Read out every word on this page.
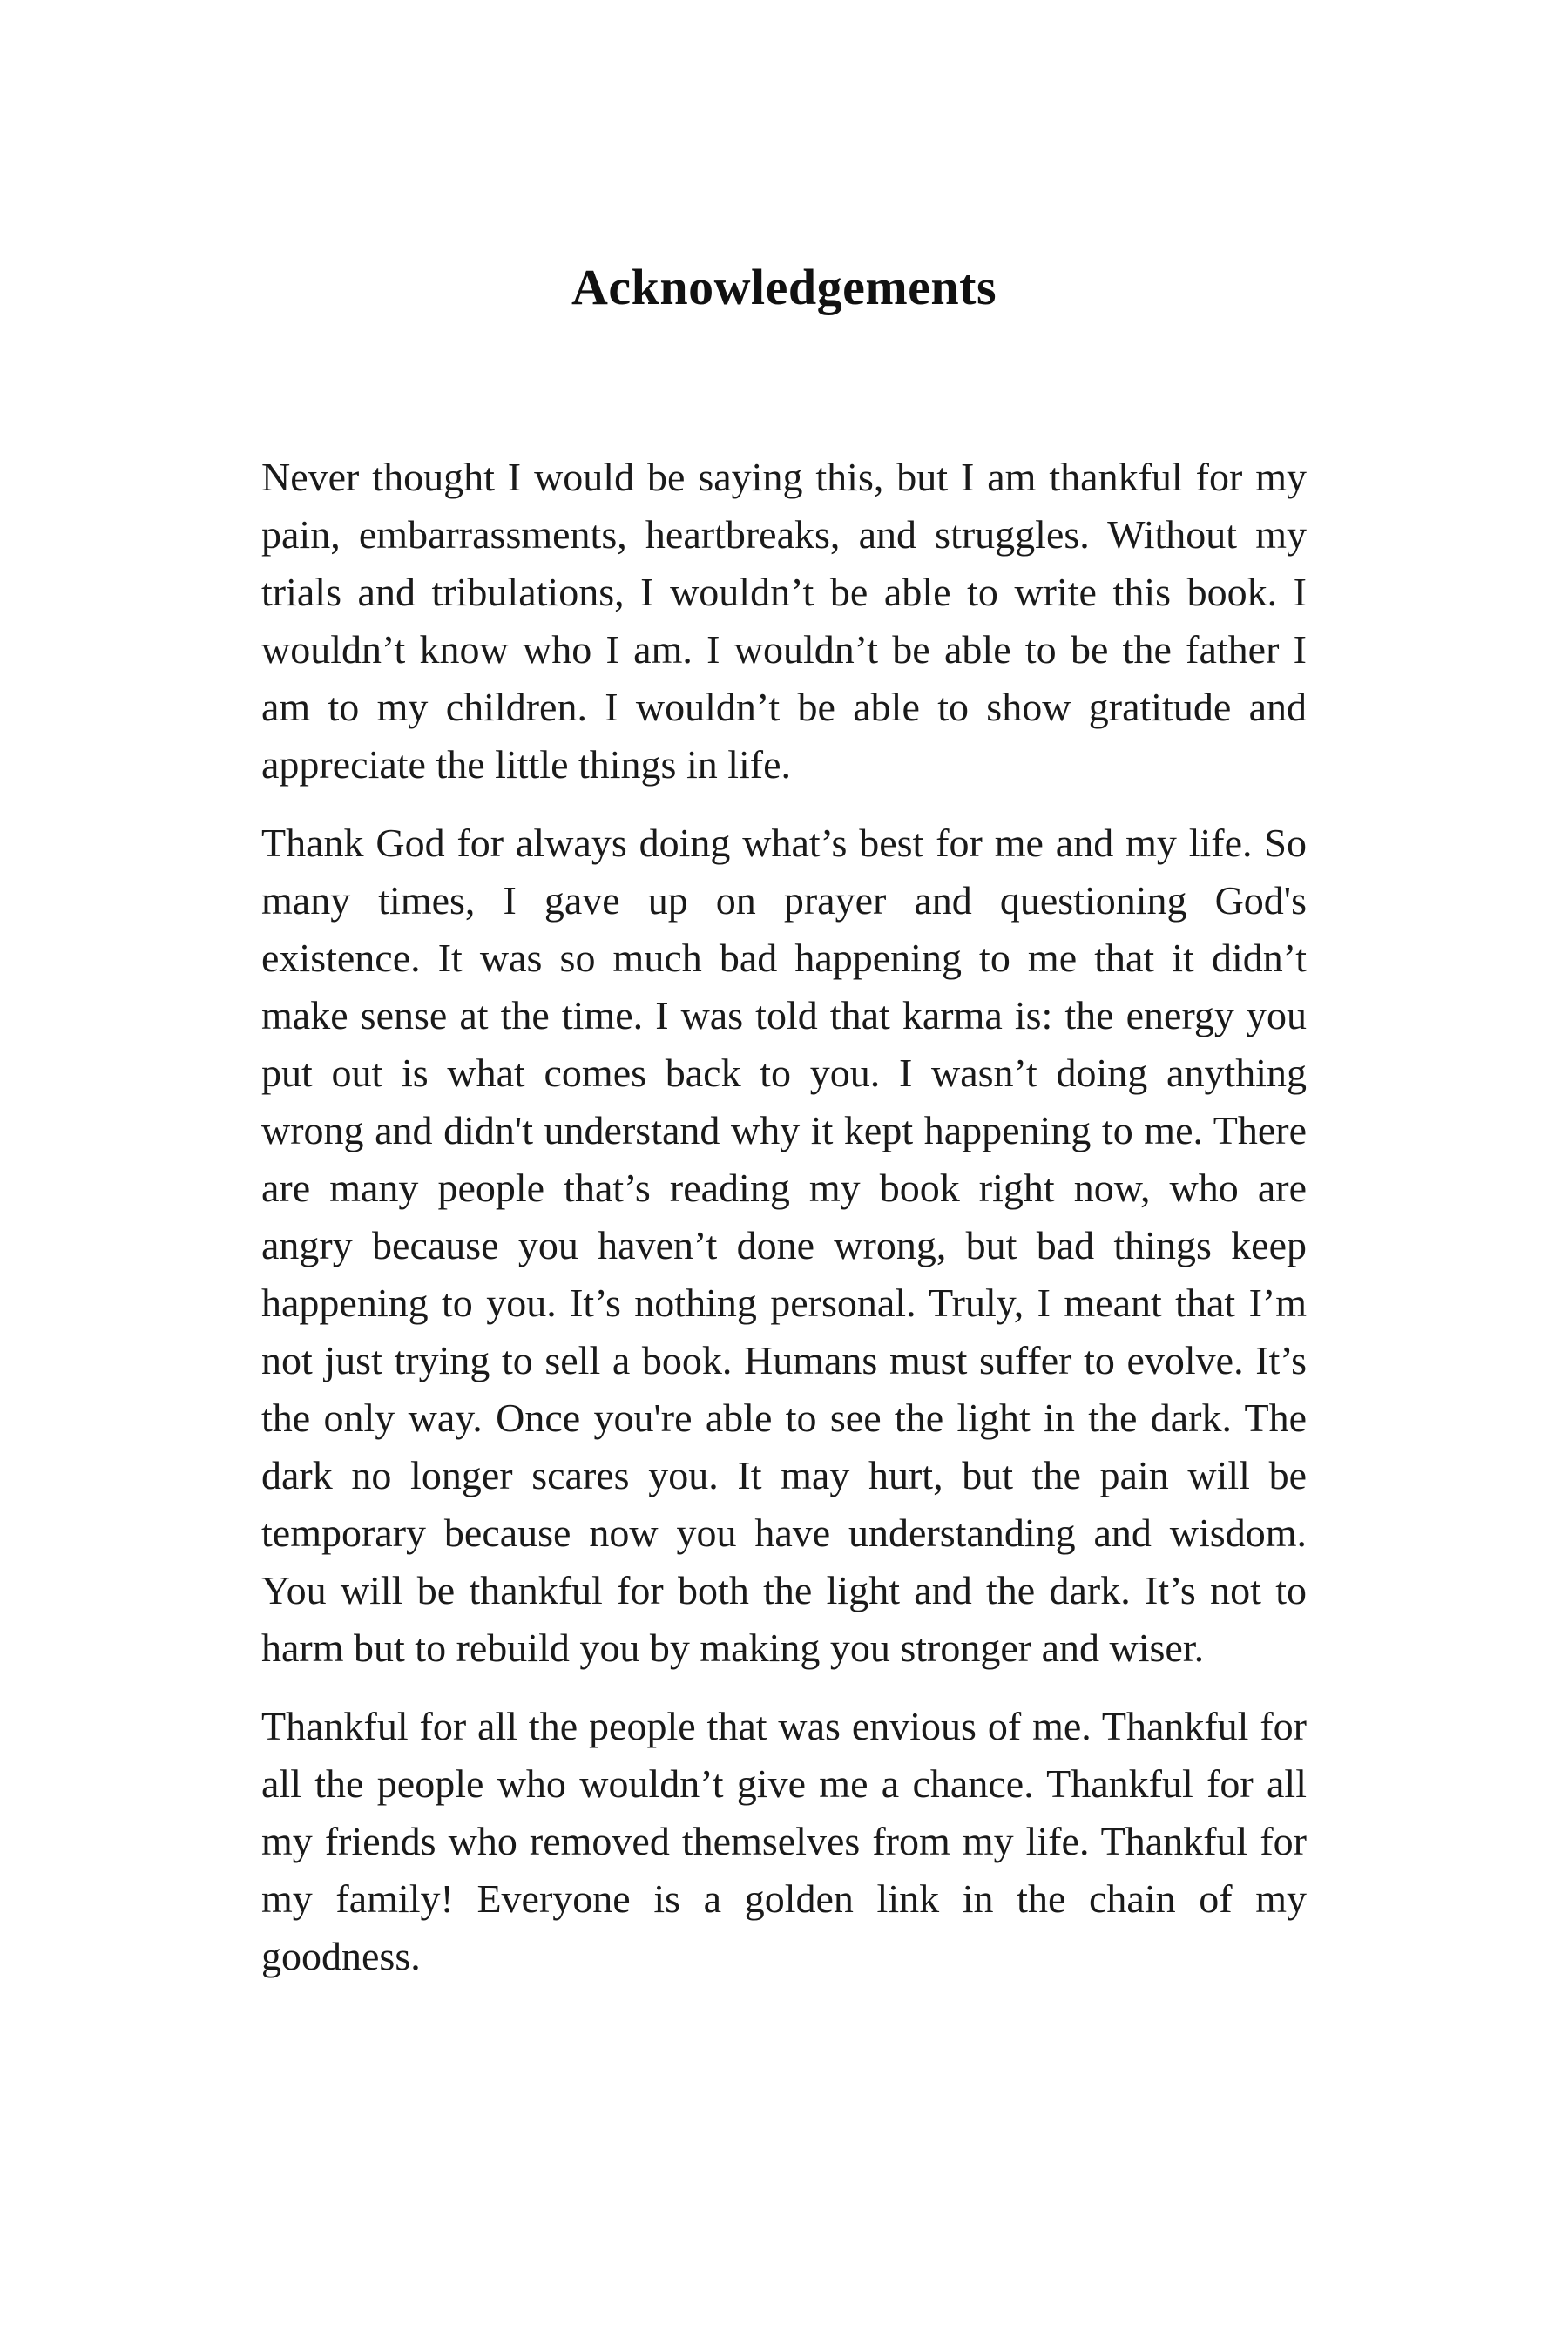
Acknowledgements

Never thought I would be saying this, but I am thankful for my pain, embarrassments, heartbreaks, and struggles. Without my trials and tribulations, I wouldn’t be able to write this book. I wouldn’t know who I am. I wouldn’t be able to be the father I am to my children. I wouldn’t be able to show gratitude and appreciate the little things in life.

Thank God for always doing what’s best for me and my life. So many times, I gave up on prayer and questioning God's existence. It was so much bad happening to me that it didn’t make sense at the time. I was told that karma is: the energy you put out is what comes back to you. I wasn’t doing anything wrong and didn't understand why it kept happening to me. There are many people that’s reading my book right now, who are angry because you haven’t done wrong, but bad things keep happening to you. It’s nothing personal. Truly, I meant that I’m not just trying to sell a book. Humans must suffer to evolve. It’s the only way. Once you're able to see the light in the dark. The dark no longer scares you. It may hurt, but the pain will be temporary because now you have understanding and wisdom. You will be thankful for both the light and the dark. It’s not to harm but to rebuild you by making you stronger and wiser.

Thankful for all the people that was envious of me. Thankful for all the people who wouldn’t give me a chance. Thankful for all my friends who removed themselves from my life. Thankful for my family! Everyone is a golden link in the chain of my goodness.
